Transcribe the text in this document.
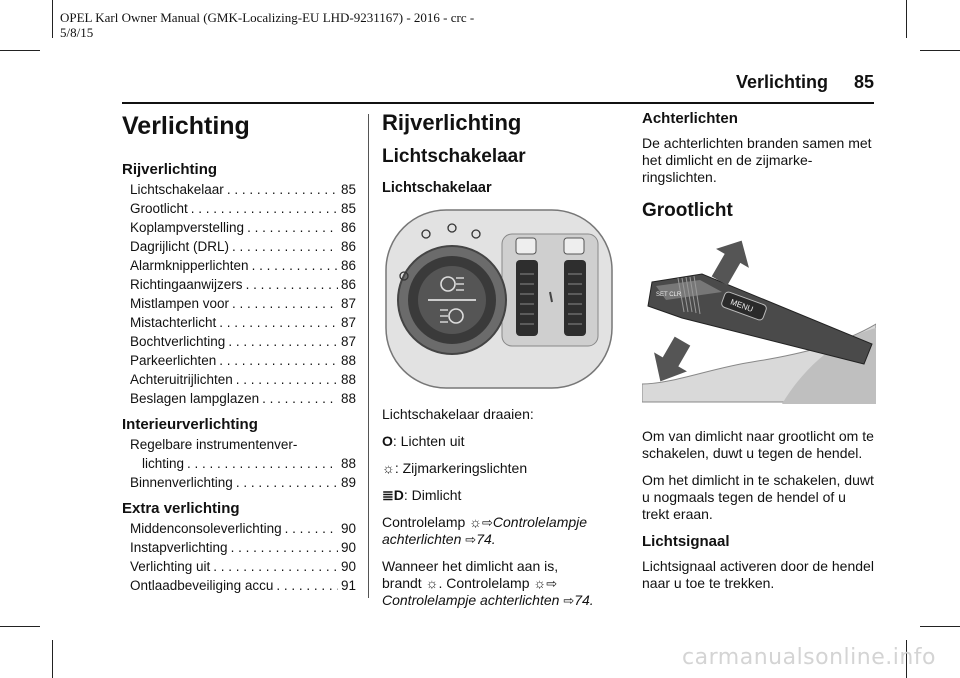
OPEL Karl Owner Manual (GMK-Localizing-EU LHD-9231167) - 2016 - crc -
5/8/15
Verlichting 85
Verlichting
Rijverlichting
Lichtschakelaar . . .	85
Grootlicht . . .	85
Koplampverstelling . . .	86
Dagrijlicht (DRL) . . .	86
Alarmknipperlichten . . .	86
Richtingaanwijzers . . .	86
Mistlampen voor . . .	87
Mistachterlicht . . .	87
Bochtverlichting . . .	87
Parkeerlichten . . .	88
Achteruitrijlichten . . .	88
Beslagen lampglazen . . .	88
Interieurverlichting
Regelbare instrumentenver-
lichting . . .	88
Binnenverlichting . . .	89
Extra verlichting
Middenconsoleverlichting . . .	90
Instapverlichting . . .	90
Verlichting uit . . .	90
Ontlaadbeveiliging accu . . .	91
Rijverlichting
Lichtschakelaar
Lichtschakelaar

Lichtschakelaar draaien:

O: Lichten uit

☼: Zijmarkeringslichten

≣D: Dimlicht

Controlelamp ☼⇨Controlelampje achterlichten ⇨74.

Wanneer het dimlicht aan is,
brandt ☼. Controlelamp ☼⇨
Controlelampje achterlichten ⇨74.

Achterlichten

De achterlichten branden samen met het dimlicht en de zijmarkeringslichten.

Grootlicht
MENU
SET CLR

Om van dimlicht naar grootlicht om te schakelen, duwt u tegen de hendel.

Om het dimlicht in te schakelen, duwt u nogmaals tegen de hendel of u trekt eraan.

Lichtsignaal

Lichtsignaal activeren door de hendel naar u toe te trekken.

carmanualsonline.info
